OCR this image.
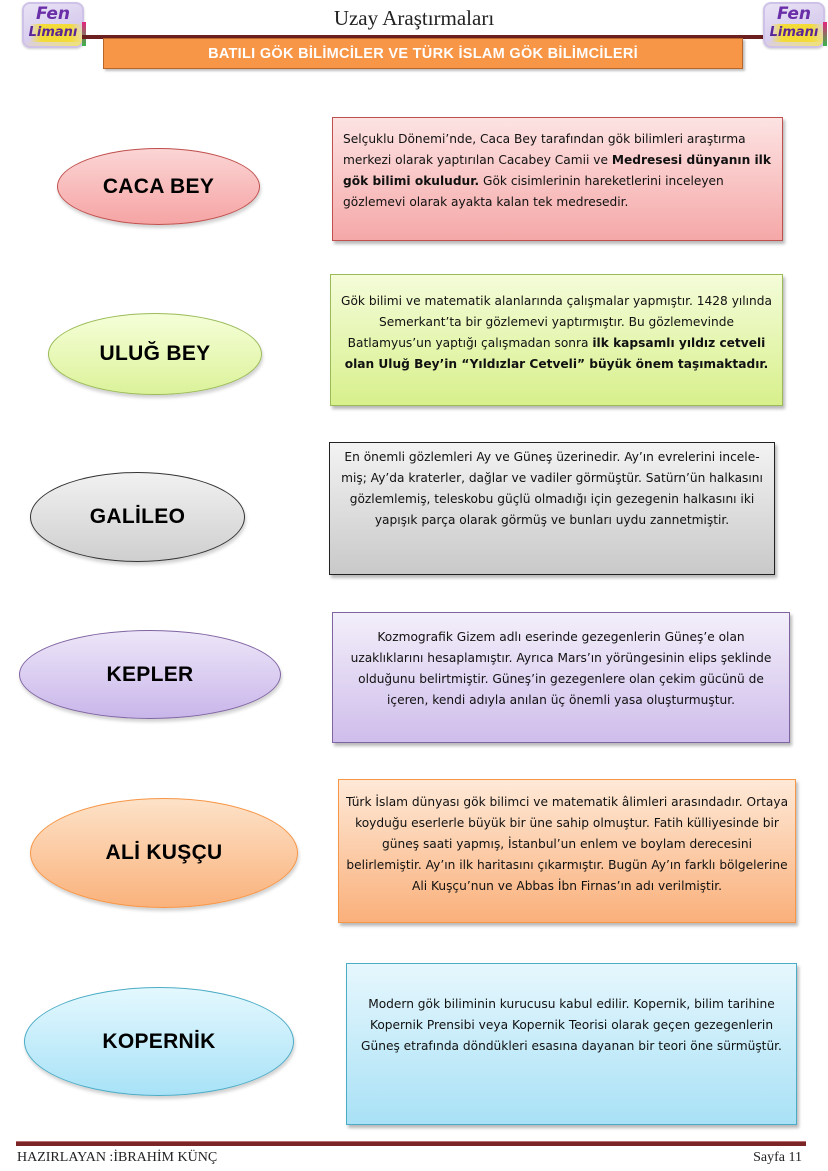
Fen
Limanı
Uzay Araştırmaları	Fen
Limanı
BATILI GÖK BİLİMCİLER VE TÜRK İSLAM GÖK BİLİMCİLERİ
CACA BEY

Selçuklu Dönemi’nde, Caca Bey tarafından gök bilimleri araştırma merkezi olarak yaptırılan Cacabey Camii ve Medresesi dünyanın ilk gök bilimi okuludur. Gök cisimlerinin hareketlerini inceleyen gözlemevi olarak ayakta kalan tek medresedir.

ULUĞ BEY

Gök bilimi ve matematik alanlarında çalışmalar yapmıştır. 1428 yılında Semerkant’ta bir gözlemevi yaptırmıştır. Bu gözlemevinde Batlamyus’un yaptığı çalışmadan sonra ilk kapsamlı yıldız cetveli olan Uluğ Bey’in “Yıldızlar Cetveli” büyük önem taşımaktadır.

GALİLEO

En önemli gözlemleri Ay ve Güneş üzerinedir. Ay’ın evrelerini incele-miş; Ay’da kraterler, dağlar ve vadiler görmüştür. Satürn’ün halkasını gözlemlemiş, teleskobu güçlü olmadığı için gezegenin halkasını iki yapışık parça olarak görmüş ve bunları uydu zannetmiştir.

KEPLER

Kozmografik Gizem adlı eserinde gezegenlerin Güneş’e olan uzaklıklarını hesaplamıştır. Ayrıca Mars’ın yörüngesinin elips şeklinde olduğunu belirtmiştir. Güneş’in gezegenlere olan çekim gücünü de içeren, kendi adıyla anılan üç önemli yasa oluşturmuştur.

ALİ KUŞÇU

Türk İslam dünyası gök bilimci ve matematik âlimleri arasındadır. Ortaya koyduğu eserlerle büyük bir üne sahip olmuştur. Fatih külliyesinde bir güneş saati yapmış, İstanbul’un enlem ve boylam derecesini belirlemiştir. Ay’ın ilk haritasını çıkarmıştır. Bugün Ay’ın farklı bölgelerine Ali Kuşçu’nun ve Abbas İbn Firnas’ın adı verilmiştir.

KOPERNİK

Modern gök biliminin kurucusu kabul edilir. Kopernik, bilim tarihine Kopernik Prensibi veya Kopernik Teorisi olarak geçen gezegenlerin Güneş etrafında döndükleri esasına dayanan bir teori öne sürmüştür.

HAZIRLAYAN :İBRAHİM KÜNÇ	Sayfa 11
